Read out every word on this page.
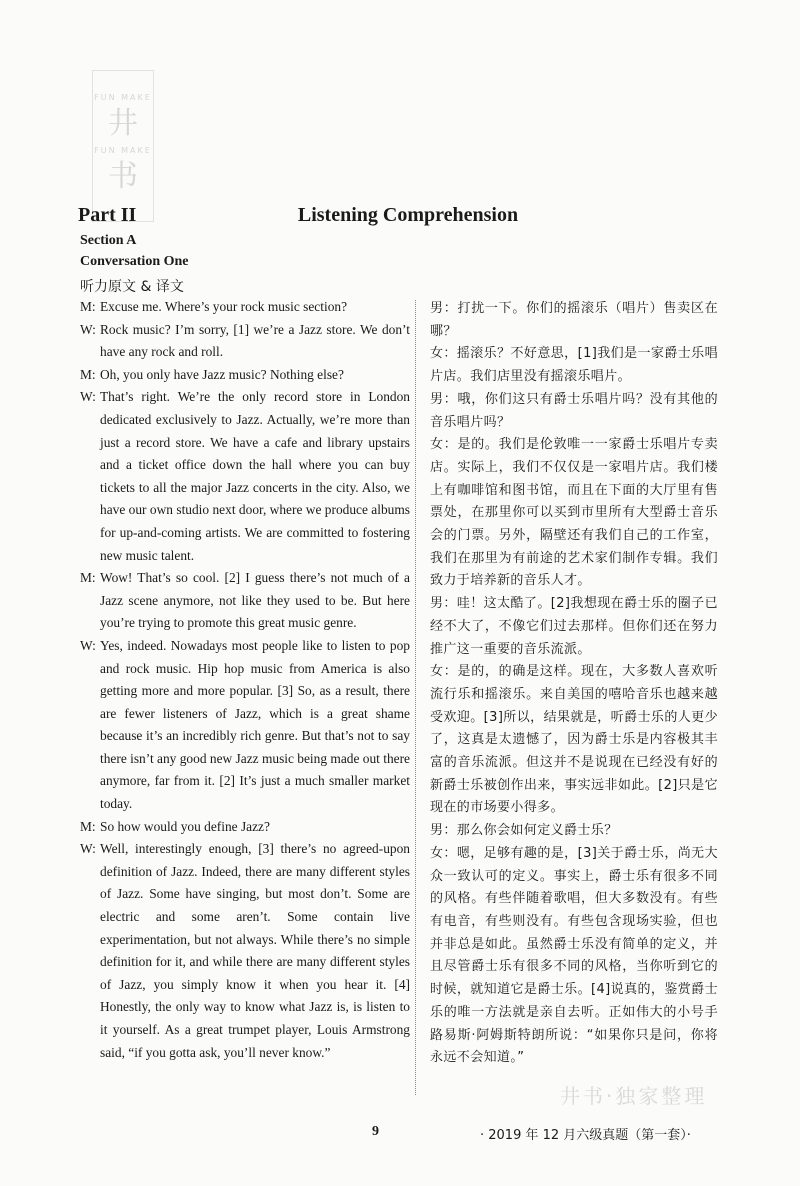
FUN MAKE
井
FUN MAKE
书
Listening Comprehension
Part II
Section A
Conversation One
听力原文 & 译文
M: Excuse me. Where’s your rock music section?
W: Rock music? I’m sorry, [1] we’re a Jazz store. We don’t have any rock and roll.
M: Oh, you only have Jazz music? Nothing else?
W: That’s right. We’re the only record store in London dedicated exclusively to Jazz. Actually, we’re more than just a record store. We have a cafe and library upstairs and a ticket office down the hall where you can buy tickets to all the major Jazz concerts in the city. Also, we have our own studio next door, where we produce albums for up-and-coming artists. We are committed to fostering new music talent.
M: Wow! That’s so cool. [2] I guess there’s not much of a Jazz scene anymore, not like they used to be. But here you’re trying to promote this great music genre.
W: Yes, indeed. Nowadays most people like to listen to pop and rock music. Hip hop music from America is also getting more and more popular. [3] So, as a result, there are fewer listeners of Jazz, which is a great shame because it’s an incredibly rich genre. But that’s not to say there isn’t any good new Jazz music being made out there anymore, far from it. [2] It’s just a much smaller market today.
M: So how would you define Jazz?
W: Well, interestingly enough, [3] there’s no agreed-upon definition of Jazz. Indeed, there are many different styles of Jazz. Some have singing, but most don’t. Some are electric and some aren’t. Some contain live experimentation, but not always. While there’s no simple definition for it, and while there are many different styles of Jazz, you simply know it when you hear it. [4] Honestly, the only way to know what Jazz is, is listen to it yourself. As a great trumpet player, Louis Armstrong said, “if you gotta ask, you’ll never know.”

男：打扰一下。你们的摇滚乐（唱片）售卖区在哪？

女：摇滚乐？不好意思，[1]我们是一家爵士乐唱片店。我们店里没有摇滚乐唱片。

男：哦，你们这只有爵士乐唱片吗？没有其他的音乐唱片吗？

女：是的。我们是伦敦唯一一家爵士乐唱片专卖店。实际上，我们不仅仅是一家唱片店。我们楼上有咖啡馆和图书馆，而且在下面的大厅里有售票处，在那里你可以买到市里所有大型爵士音乐会的门票。另外，隔壁还有我们自己的工作室，我们在那里为有前途的艺术家们制作专辑。我们致力于培养新的音乐人才。

男：哇！这太酷了。[2]我想现在爵士乐的圈子已经不大了，不像它们过去那样。但你们还在努力推广这一重要的音乐流派。

女：是的，的确是这样。现在，大多数人喜欢听流行乐和摇滚乐。来自美国的嘻哈音乐也越来越受欢迎。[3]所以，结果就是，听爵士乐的人更少了，这真是太遗憾了，因为爵士乐是内容极其丰富的音乐流派。但这并不是说现在已经没有好的新爵士乐被创作出来，事实远非如此。[2]只是它现在的市场要小得多。

男：那么你会如何定义爵士乐？

女：嗯，足够有趣的是，[3]关于爵士乐，尚无大众一致认可的定义。事实上，爵士乐有很多不同的风格。有些伴随着歌唱，但大多数没有。有些有电音，有些则没有。有些包含现场实验，但也并非总是如此。虽然爵士乐没有简单的定义，并且尽管爵士乐有很多不同的风格，当你听到它的时候，就知道它是爵士乐。[4]说真的，鉴赏爵士乐的唯一方法就是亲自去听。正如伟大的小号手路易斯·阿姆斯特朗所说：“如果你只是问，你将永远不会知道。”

井书·独家整理
9	· 2019 年 12 月六级真题（第一套）·
